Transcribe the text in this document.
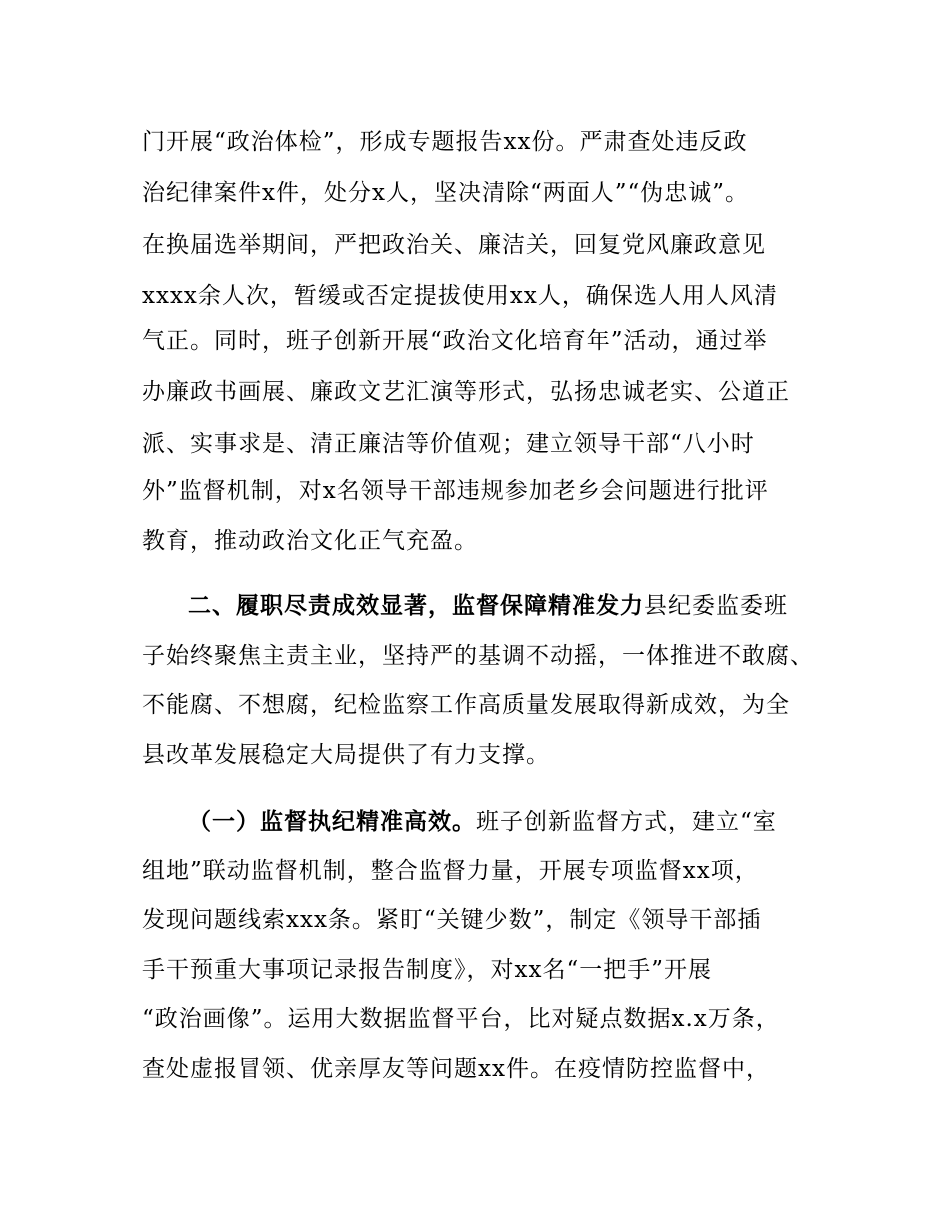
门开展“政治体检”，形成专题报告xx份。严肃查处违反政
治纪律案件x件，处分x人，坚决清除“两面人”“伪忠诚”。
在换届选举期间，严把政治关、廉洁关，回复党风廉政意见
xxxx余人次，暂缓或否定提拔使用xx人，确保选人用人风清
气正。同时，班子创新开展“政治文化培育年”活动，通过举
办廉政书画展、廉政文艺汇演等形式，弘扬忠诚老实、公道正
派、实事求是、清正廉洁等价值观；建立领导干部“八小时
外”监督机制，对x名领导干部违规参加老乡会问题进行批评
教育，推动政治文化正气充盈。
二、履职尽责成效显著，监督保障精准发力县纪委监委班
子始终聚焦主责主业，坚持严的基调不动摇，一体推进不敢腐、
不能腐、不想腐，纪检监察工作高质量发展取得新成效，为全
县改革发展稳定大局提供了有力支撑。
（一）监督执纪精准高效。班子创新监督方式，建立“室
组地”联动监督机制，整合监督力量，开展专项监督xx项，
发现问题线索xxx条。紧盯“关键少数”，制定《领导干部插
手干预重大事项记录报告制度》，对xx名“一把手”开展
“政治画像”。运用大数据监督平台，比对疑点数据x.x万条，
查处虚报冒领、优亲厚友等问题xx件。在疫情防控监督中，
